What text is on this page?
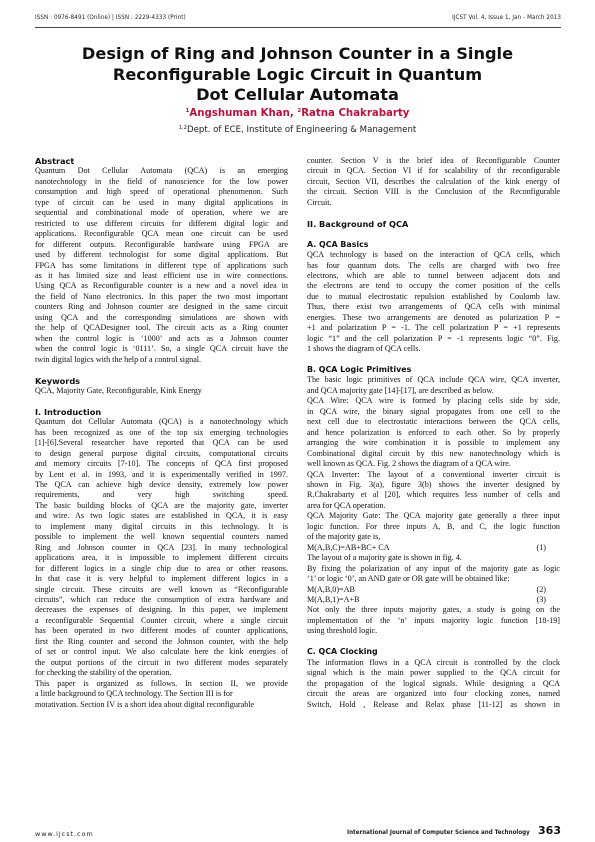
ISSN : 0976-8491 (Online) | ISSN : 2229-4333 (Print)	IJCST Vol. 4, Issue 1, Jan - March 2013
Design of Ring and Johnson Counter in a Single
Reconfigurable Logic Circuit in Quantum
Dot Cellular Automata
$^1$Angshuman Khan, $^2$Ratna Chakrabarty
$^{1,2}$Dept. of ECE, Institute of Engineering & Management
Abstract
Quantum Dot Cellular Automata (QCA) is an emerging
nanotechnology in the field of nanoscience for the low power
consumption and high speed of operational phenomenon. Such
type of circuit can be used in many digital applications in
sequential and combinational mode of operation, where we are
restricted to use different circuits for different digital logic and
applications. Reconfigurable QCA mean one circuit can be used
for different outputs. Reconfigurable hardware using FPGA are
used by different technologist for some digital applications. But
FPGA has some limitations in different type of applications such
as it has limited size and least efficient use in wire connections.
Using QCA as Reconfigurable counter is a new and a novel idea in
the field of Nano electronics. In this paper the two most important
counters Ring and Johnson counter are designed in the same circuit
using QCA and the corresponding simulations are shown with
the help of QCADesigner tool. The circuit acts as a Ring counter
when the control logic is ‘1000’ and acts as a Johnson counter
when the control logic is ‘0111’. So, a single QCA circuit have the
twin digital logics with the help of a control signal.
Keywords
QCA, Majority Gate, Reconfigurable, Kink Energy
I. Introduction
Quantum dot Cellular Automata (QCA) is a nanotechnology which
has been recognized as one of the top six emerging technologies
[1]-[6].Several researcher have reported that QCA can be used
to design general purpose digital circuits, computational circuits
and memory circuits [7-10]. The concepts of QCA first proposed
by Lent et al. in 1993, and it is experimentally verified in 1997.
The QCA can achieve high device density, extremely low power
requirements, and very high switching speed.
The basic building blocks of QCA are the majority gate, inverter
and wire. As two logic states are established in QCA, it is easy
to implement many digital circuits in this technology. It is
possible to implement the well known sequential counters named
Ring and Johnson counter in QCA [23]. In many technological
applications area, it is impossible to implement different circuits
for different logics in a single chip due to area or other reasons.
In that case it is very helpful to implement different logics in a
single circuit. These circuits are well known as “Reconfigurable
circuits”, which can reduce the consumption of extra hardware and
decreases the expenses of designing. In this paper, we implement
a reconfigurable Sequential Counter circuit, where a single circuit
has been operated in two different modes of counter applications,
first the Ring counter and second the Johnson counter, with the help
of set or control input. We also calculate here the kink energies of
the output portions of the circuit in two different modes separately
for checking the stability of the operation.
This paper is organized as follows. In section II, we provide
a little background to QCA technology. The Section III is for
motativation. Section IV is a short idea about digital reconfigurable
counter. Section V is the brief idea of Reconfigurable Counter
circuit in QCA. Section VI if for scalability of thr reconfigurable
circuit, Section VII, describes the calculation of the kink energy of
the circuit. Section VIII is the Conclusion of the Reconfigurable
Circuit.
II. Background of QCA
A. QCA Basics
QCA technology is based on the interaction of QCA cells, which
has four quantum dots. The cells are charged with two free
electrons, which are able to tunnel between adjacent dots and
the electrons are tend to occupy the corner position of the cells
due to mutual electrostatic repulsion established by Coulomb law.
Thus, there exist two arrangements of QCA cells with minimal
energies. These two arrangements are denoted as polarization P =
+1 and polarization P = -1. The cell polarization P = +1 represents
logic “1” and the cell polarization P = -1 represents logic “0”. Fig.
1 shows the diagram of QCA cells.
B. QCA Logic Primitives
The basic logic primitives of QCA include QCA wire, QCA inverter,
and QCA majority gate [14]-[17], are described as below.
QCA Wire: QCA wire is formed by placing cells side by side,
in QCA wire, the binary signal propagates from one cell to the
next cell due to electrostatic interactions between the QCA cells,
and hence polarization is enforced to each other. So by properly
arranging the wire combination it is possible to implement any
Combinational digital circuit by this new nanotechnology which is
well known as QCA. Fig. 2 shows the diagram of a QCA wire.
QCA Inverter: The layout of a conventional inverter circuit is
shown in Fig. 3(a), figure 3(b) shows the inverter designed by
R.Chakrabarty et al [20], which requires less number of cells and
area for QCA operation.
QCA Majority Gate: The QCA majority gate generally a three input
logic function. For three inputs A, B, and C, the logic function
of the majority gate is,
M(A,B,C)=AB+BC+ CA	(1)
The layout of a majority gate is shown in fig. 4.
By fixing the polarization of any input of the majority gate as logic
‘1’ or logic ‘0’, an AND gate or OR gate will be obtained like:
M(A,B,0)=AB	(2)
M(A,B,1)=A+B	(3)
Not only the three inputs majority gates, a study is going on the
implementation of the ‘n’ inputs majority logic function [18-19]
using threshold logic.
C. QCA Clocking
The information flows in a QCA circuit is controlled by the clock
signal which is the main power supplied to the QCA circuit for
the propagation of the logical signals. While designing a QCA
circuit the areas are organized into four clocking zones, named
Switch, Hold , Release and Relax phase [11-12] as shown in
www.ijcst.com	International Journal of Computer Science and Technology 363
